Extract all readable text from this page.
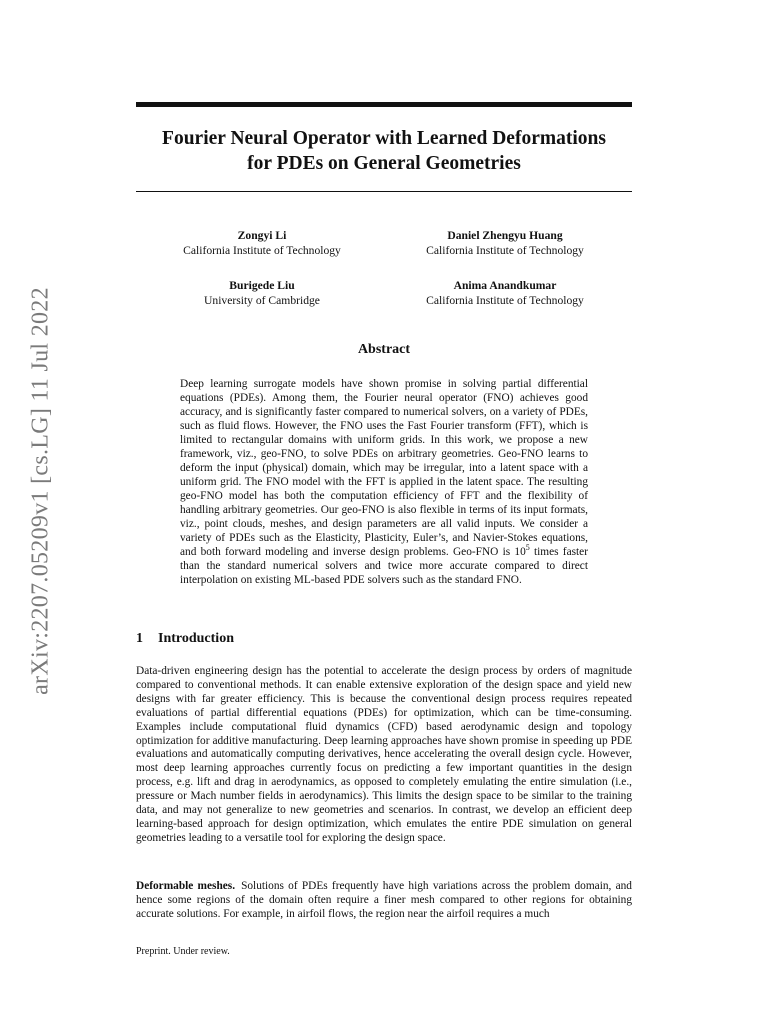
arXiv:2207.05209v1 [cs.LG] 11 Jul 2022
Fourier Neural Operator with Learned Deformations
for PDEs on General Geometries
Zongyi Li
California Institute of Technology
Daniel Zhengyu Huang
California Institute of Technology
Burigede Liu
University of Cambridge
Anima Anandkumar
California Institute of Technology
Abstract
Deep learning surrogate models have shown promise in solving partial differential equations (PDEs). Among them, the Fourier neural operator (FNO) achieves good accuracy, and is significantly faster compared to numerical solvers, on a variety of PDEs, such as fluid flows. However, the FNO uses the Fast Fourier transform (FFT), which is limited to rectangular domains with uniform grids. In this work, we propose a new framework, viz., geo-FNO, to solve PDEs on arbitrary geometries. Geo-FNO learns to deform the input (physical) domain, which may be irregular, into a latent space with a uniform grid. The FNO model with the FFT is applied in the latent space. The resulting geo-FNO model has both the computation efficiency of FFT and the flexibility of handling arbitrary geometries. Our geo-FNO is also flexible in terms of its input formats, viz., point clouds, meshes, and design parameters are all valid inputs. We consider a variety of PDEs such as the Elasticity, Plasticity, Euler’s, and Navier-Stokes equations, and both forward modeling and inverse design problems. Geo-FNO is $10^5$ times faster than the standard numerical solvers and twice more accurate compared to direct interpolation on existing ML-based PDE solvers such as the standard FNO.
1 Introduction
Data-driven engineering design has the potential to accelerate the design process by orders of magnitude compared to conventional methods. It can enable extensive exploration of the design space and yield new designs with far greater efficiency. This is because the conventional design process requires repeated evaluations of partial differential equations (PDEs) for optimization, which can be time-consuming. Examples include computational fluid dynamics (CFD) based aerodynamic design and topology optimization for additive manufacturing. Deep learning approaches have shown promise in speeding up PDE evaluations and automatically computing derivatives, hence accelerating the overall design cycle. However, most deep learning approaches currently focus on predicting a few important quantities in the design process, e.g. lift and drag in aerodynamics, as opposed to completely emulating the entire simulation (i.e., pressure or Mach number fields in aerodynamics). This limits the design space to be similar to the training data, and may not generalize to new geometries and scenarios. In contrast, we develop an efficient deep learning-based approach for design optimization, which emulates the entire PDE simulation on general geometries leading to a versatile tool for exploring the design space.
Deformable meshes. Solutions of PDEs frequently have high variations across the problem domain, and hence some regions of the domain often require a finer mesh compared to other regions for obtaining accurate solutions. For example, in airfoil flows, the region near the airfoil requires a much
Preprint. Under review.
